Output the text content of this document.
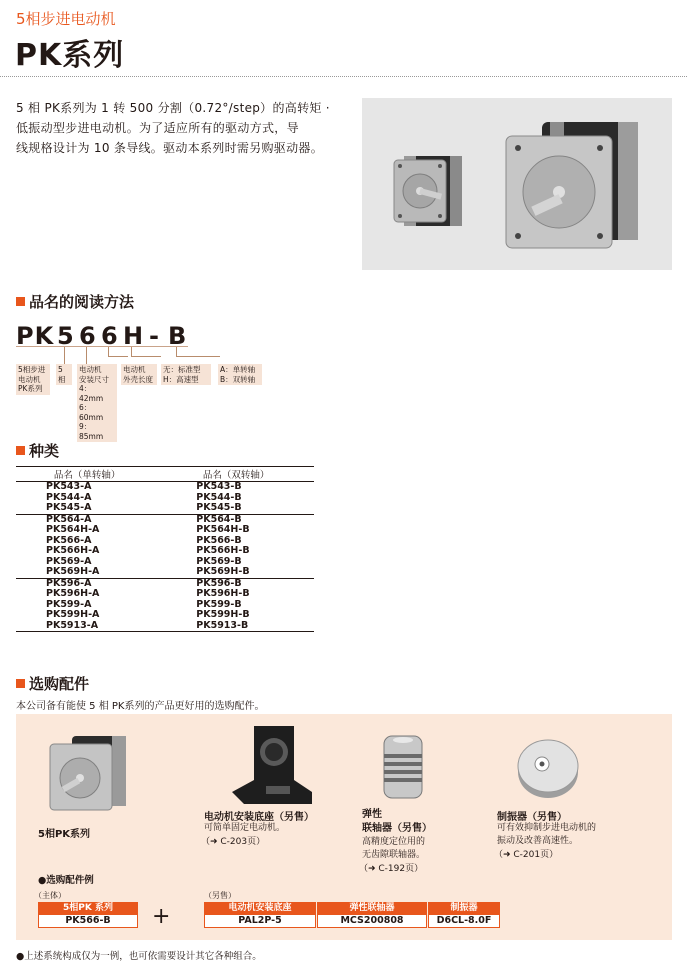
5相步进电动机
PK系列
5 相 PK系列为 1 转 500 分割（0.72°/step）的高转矩 ·
低振动型步进电动机。为了适应所有的驱动方式，导
线规格设计为 10 条导线。驱动本系列时需另购驱动器。
品名的阅读方法
PK 5 6 6 H - B
5相步进
电动机
PK系列
5相
电动机
安装尺寸
4：42mm
6：60mm
9：85mm
电动机
外壳长度
无：标准型
H：高速型
A：单转轴
B：双转轴
种类
品名（单转轴）	品名（双转轴）
PK543-A	PK543-B
PK544-A	PK544-B
PK545-A	PK545-B
PK564-A	PK564-B
PK564H-A	PK564H-B
PK566-A	PK566-B
PK566H-A	PK566H-B
PK569-A	PK569-B
PK569H-A	PK569H-B
PK596-A	PK596-B
PK596H-A	PK596H-B
PK599-A	PK599-B
PK599H-A	PK599H-B
PK5913-A	PK5913-B
选购配件
本公司备有能使 5 相 PK系列的产品更好用的选购配件。
5相PK系列
电动机安装底座（另售）
可简单固定电动机。
（➜ C-203页）
弹性
联轴器（另售）
高精度定位用的
无齿隙联轴器。
（➜ C-192页）
制振器（另售）
可有效抑制步进电动机的
振动及改善高速性。
（➜ C-201页）
●选购配件例
（主体）	（另售）
5相PK 系列
PK566-B	+	电动机安装底座
PAL2P-5
弹性联轴器
MCS200808
制振器
D6CL-8.0F
●上述系统构成仅为一例，也可依需要设计其它各种组合。
